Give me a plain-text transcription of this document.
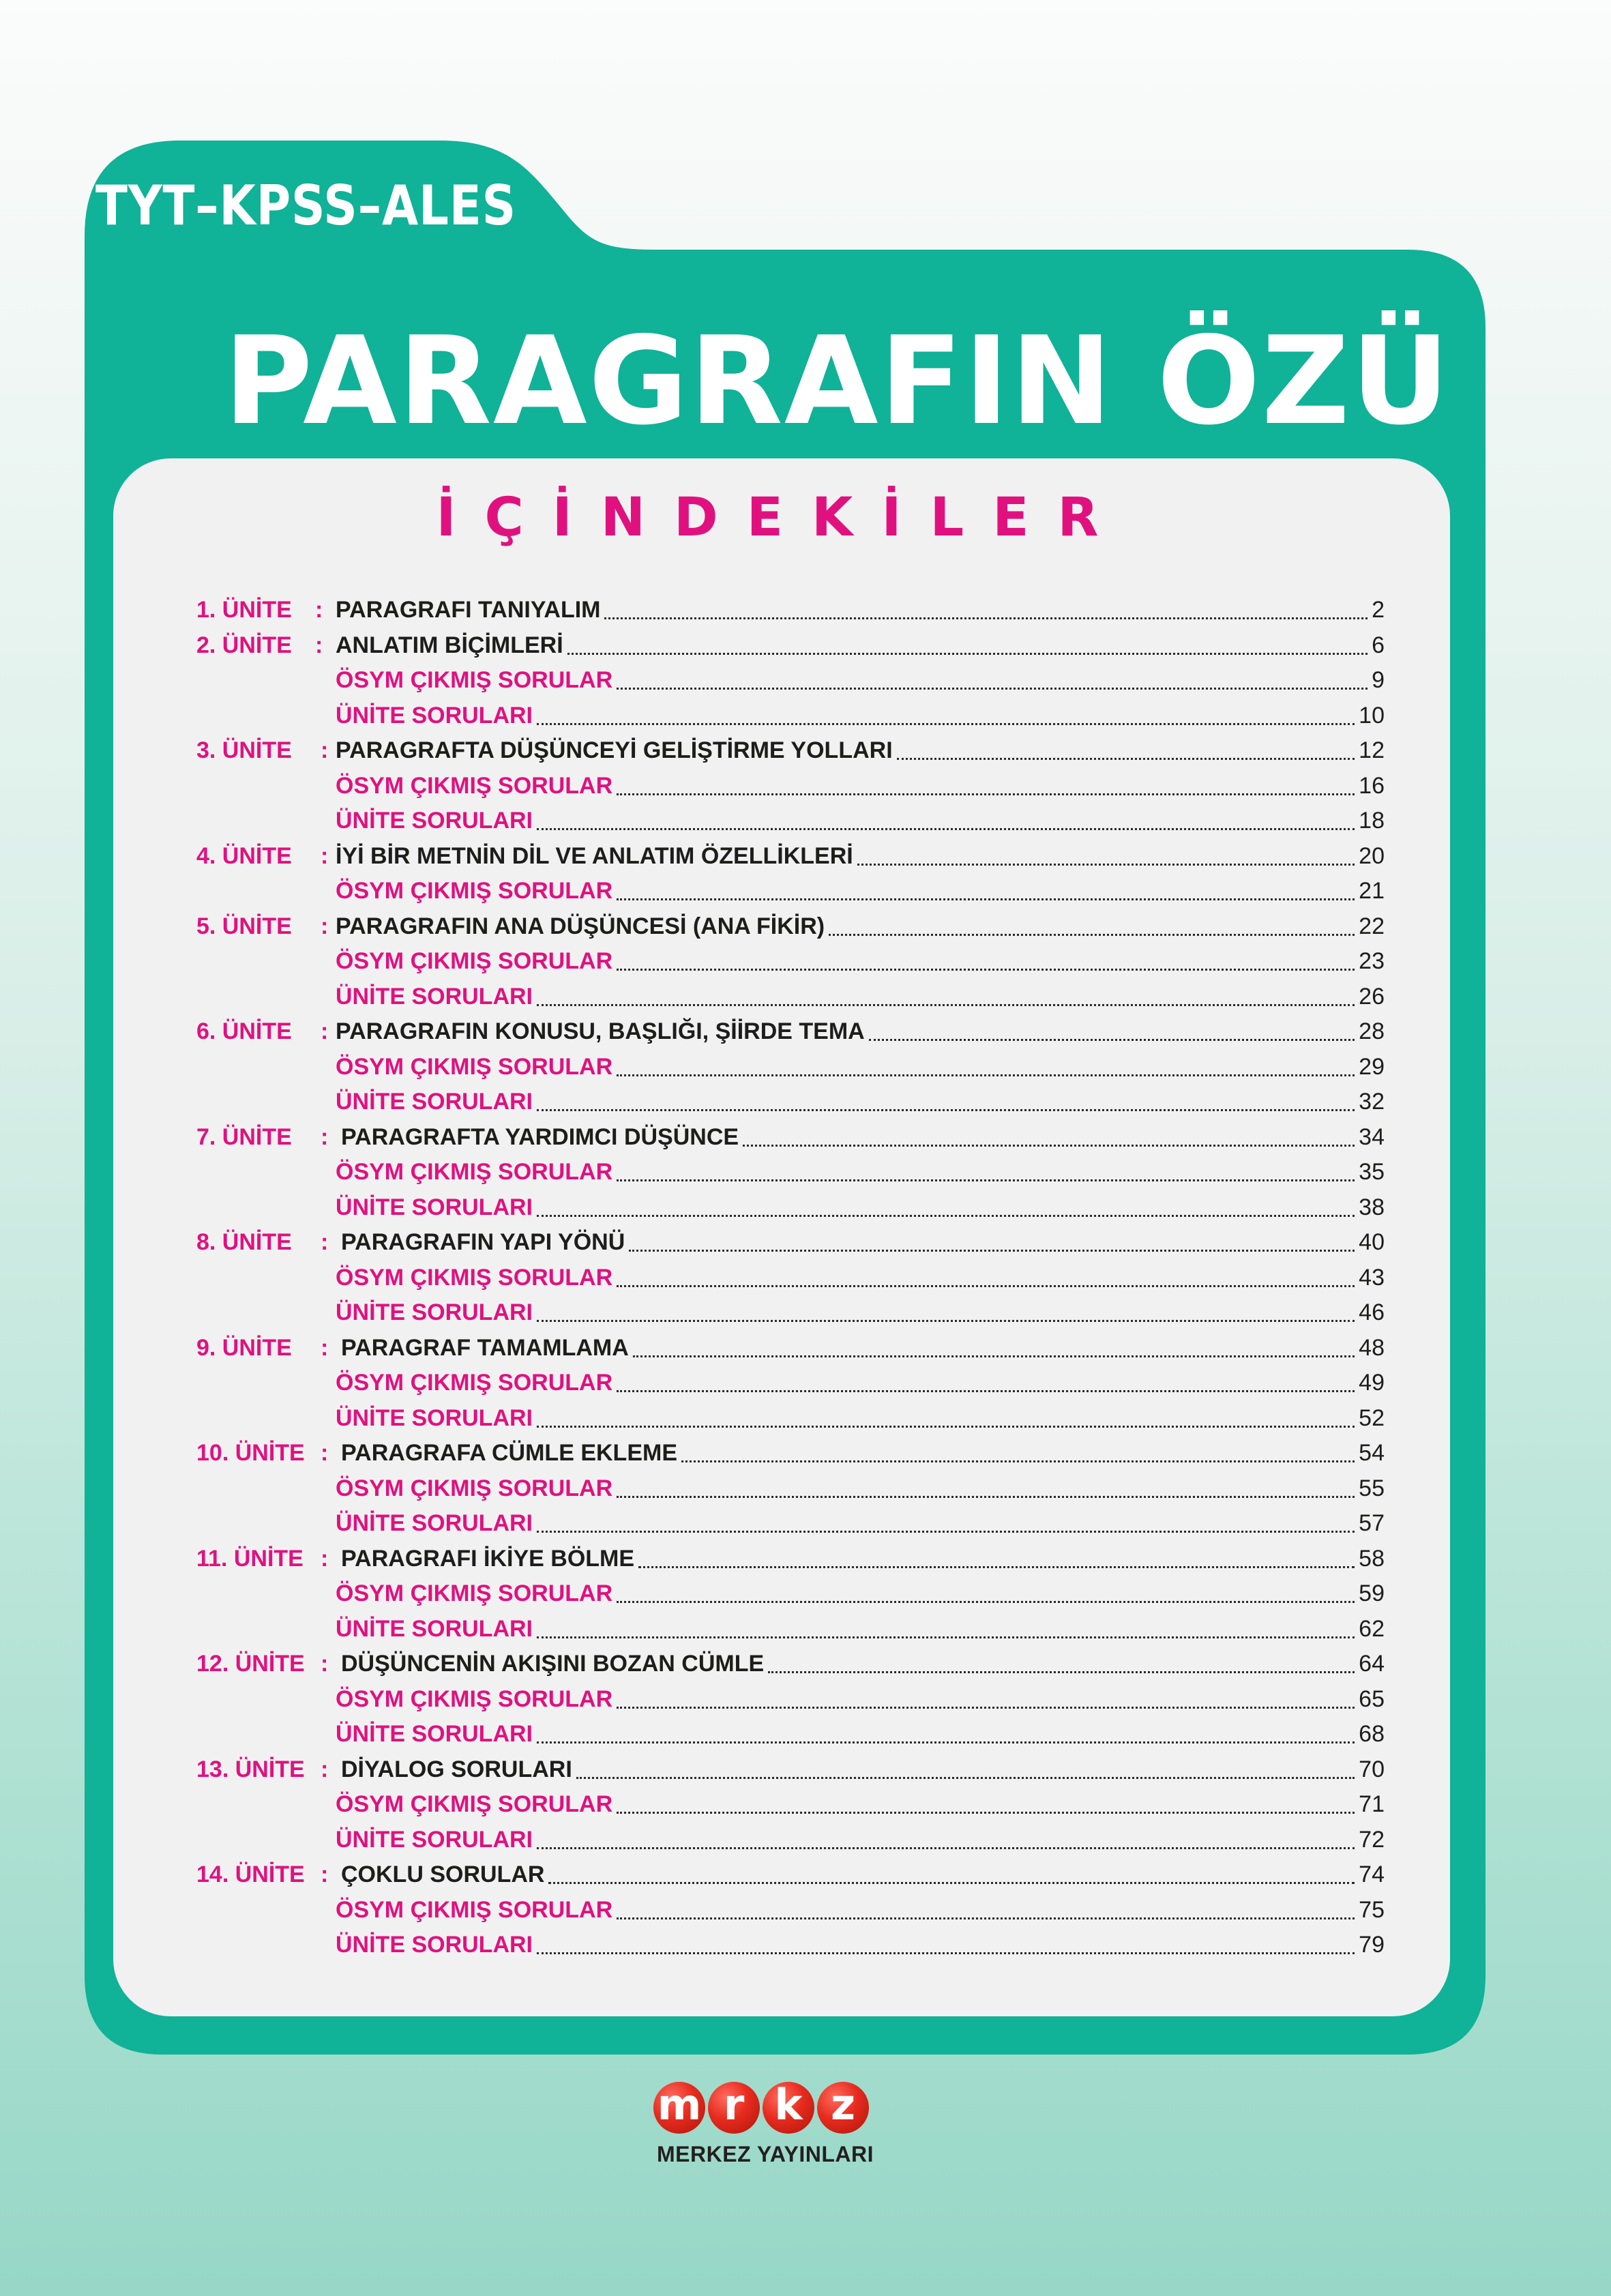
TYT–KPSS–ALES
PARAGRAFIN ÖZÜ
İÇİNDEKİLER
1. ÜNİTE : PARAGRAFI TANIYALIM	2
2. ÜNİTE : ANLATIM BİÇİMLERİ	6
ÖSYM ÇIKMIŞ SORULAR	9
ÜNİTE SORULARI	10
3. ÜNİTE : PARAGRAFTA DÜŞÜNCEYİ GELİŞTİRME YOLLARI	12
ÖSYM ÇIKMIŞ SORULAR	16
ÜNİTE SORULARI	18
4. ÜNİTE : İYİ BİR METNİN DİL VE ANLATIM ÖZELLİKLERİ	20
ÖSYM ÇIKMIŞ SORULAR	21
5. ÜNİTE : PARAGRAFIN ANA DÜŞÜNCESİ (ANA FİKİR)	22
ÖSYM ÇIKMIŞ SORULAR	23
ÜNİTE SORULARI	26
6. ÜNİTE : PARAGRAFIN KONUSU, BAŞLIĞI, ŞİİRDE TEMA	28
ÖSYM ÇIKMIŞ SORULAR	29
ÜNİTE SORULARI	32
7. ÜNİTE : PARAGRAFTA YARDIMCI DÜŞÜNCE	34
ÖSYM ÇIKMIŞ SORULAR	35
ÜNİTE SORULARI	38
8. ÜNİTE : PARAGRAFIN YAPI YÖNÜ	40
ÖSYM ÇIKMIŞ SORULAR	43
ÜNİTE SORULARI	46
9. ÜNİTE : PARAGRAF TAMAMLAMA	48
ÖSYM ÇIKMIŞ SORULAR	49
ÜNİTE SORULARI	52
10. ÜNİTE : PARAGRAFA CÜMLE EKLEME	54
ÖSYM ÇIKMIŞ SORULAR	55
ÜNİTE SORULARI	57
11. ÜNİTE : PARAGRAFI İKİYE BÖLME	58
ÖSYM ÇIKMIŞ SORULAR	59
ÜNİTE SORULARI	62
12. ÜNİTE : DÜŞÜNCENİN AKIŞINI BOZAN CÜMLE	64
ÖSYM ÇIKMIŞ SORULAR	65
ÜNİTE SORULARI	68
13. ÜNİTE : DİYALOG SORULARI	70
ÖSYM ÇIKMIŞ SORULAR	71
ÜNİTE SORULARI	72
14. ÜNİTE : ÇOKLU SORULAR	74
ÖSYM ÇIKMIŞ SORULAR	75
ÜNİTE SORULARI	79
m r k z

MERKEZ YAYINLARI
